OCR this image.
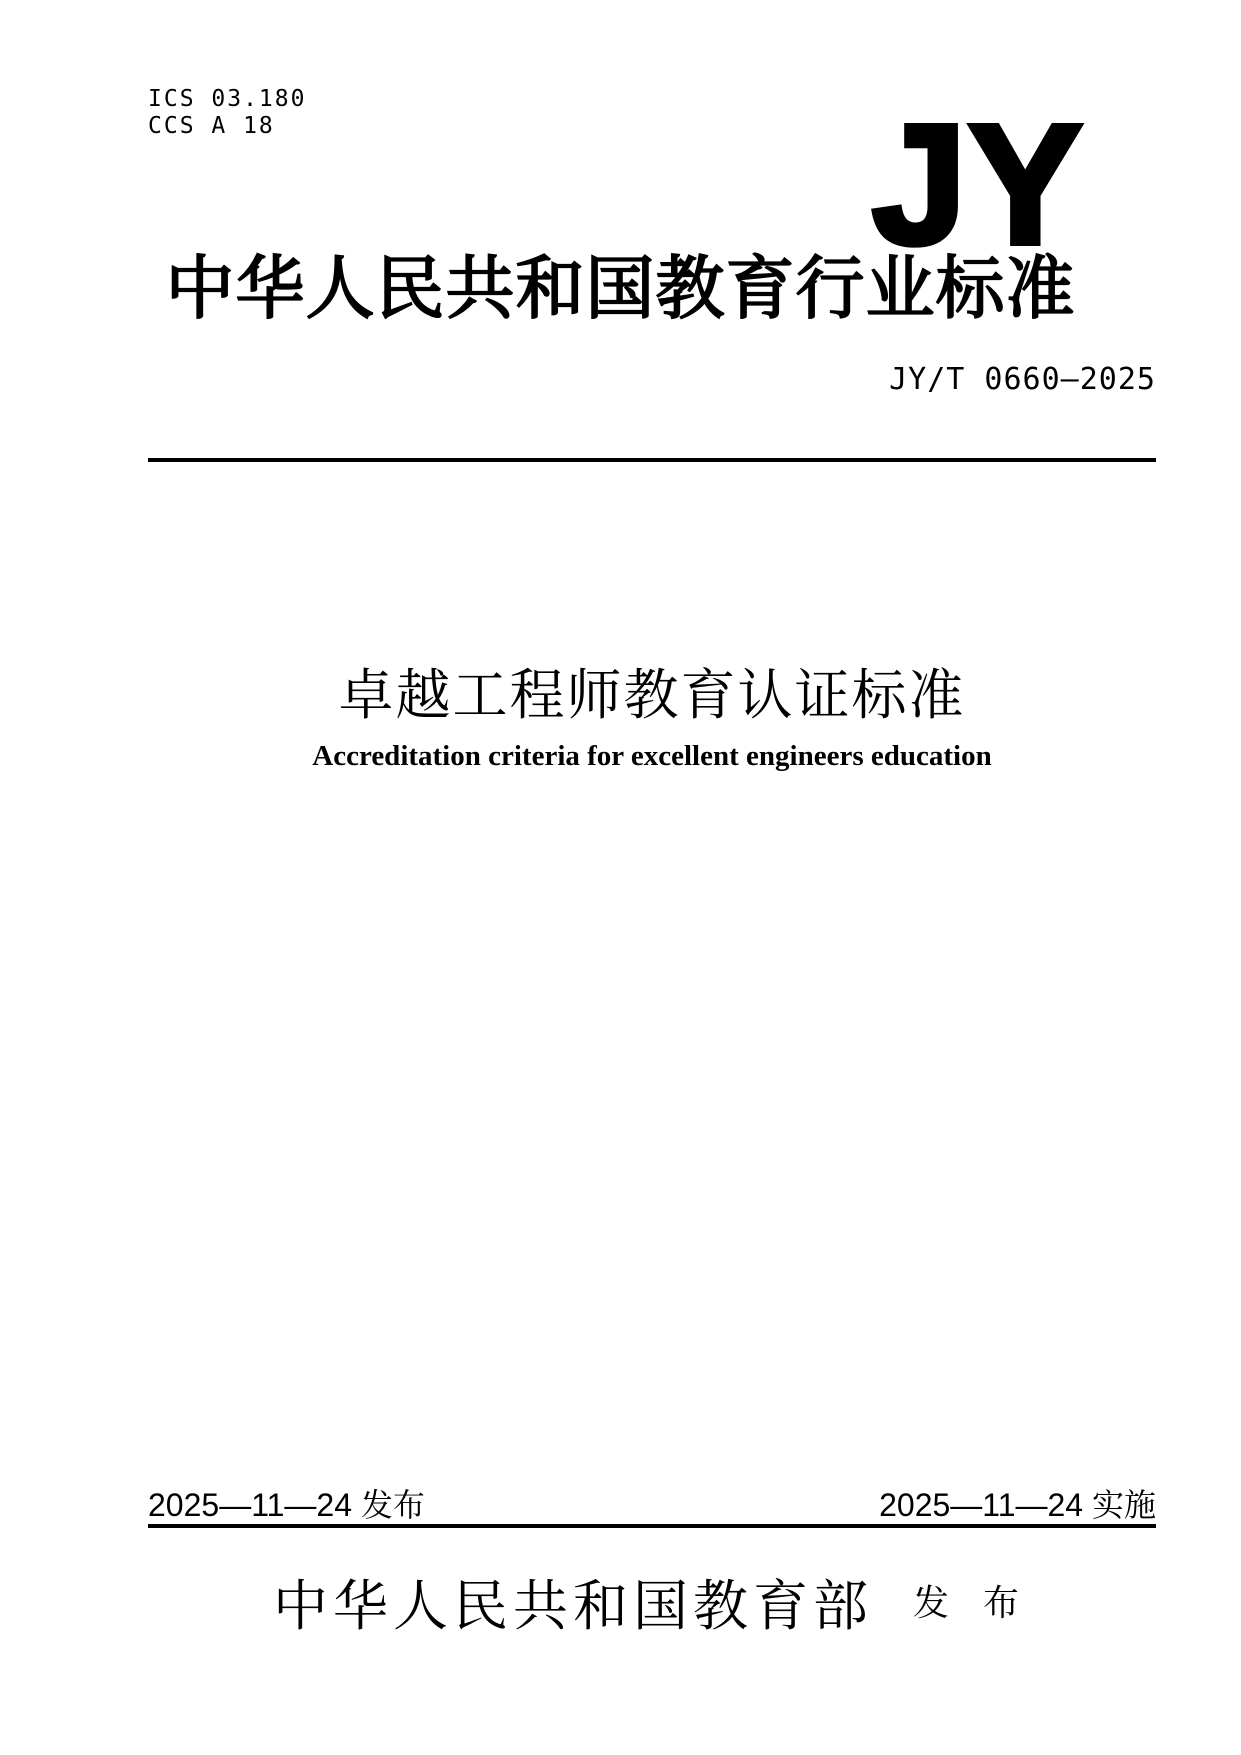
ICS 03.180
CCS A 18	JY
中华人民共和国教育行业标准
JY/T 0660—2025
卓越工程师教育认证标准
Accreditation criteria for excellent engineers education
2025—11—24 发布	2025—11—24 实施
中华人民共和国教育部 发 布
